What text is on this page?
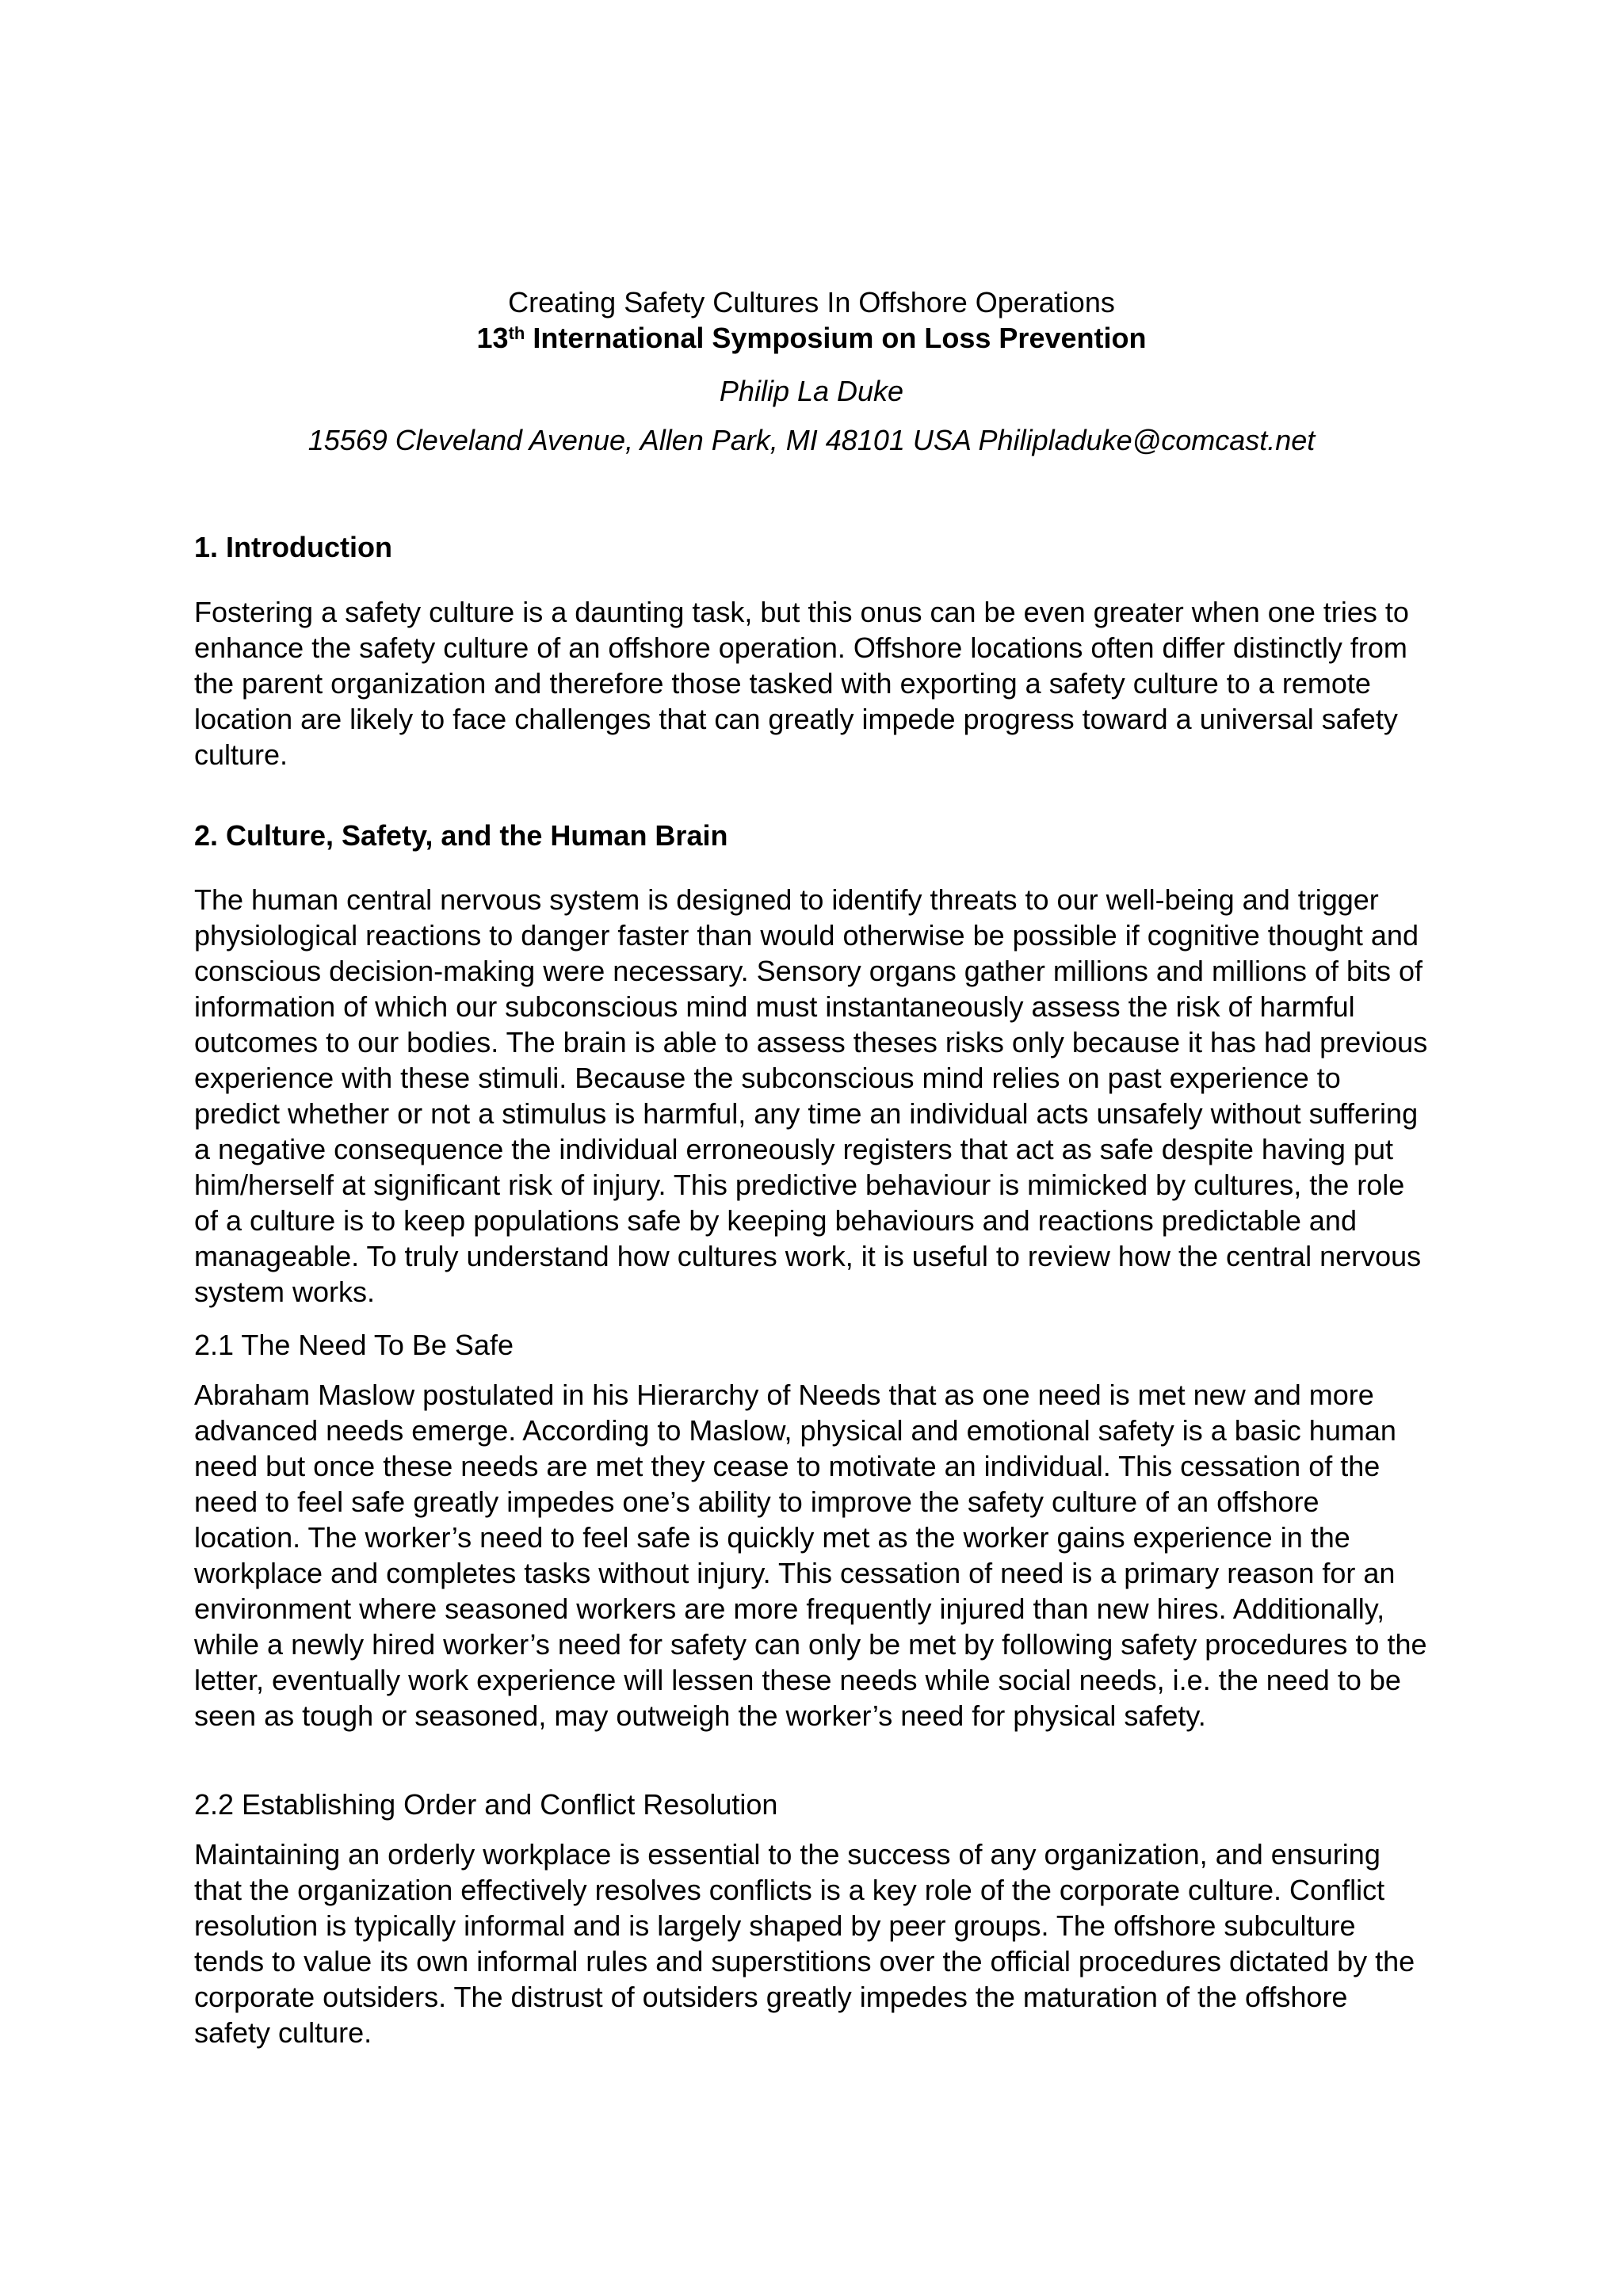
Creating Safety Cultures In Offshore Operations
13th International Symposium on Loss Prevention
Philip La Duke
15569 Cleveland Avenue, Allen Park, MI 48101 USA Philipladuke@comcast.net
1. Introduction

Fostering a safety culture is a daunting task, but this onus can be even greater when one tries to enhance the safety culture of an offshore operation. Offshore locations often differ distinctly from the parent organization and therefore those tasked with exporting a safety culture to a remote location are likely to face challenges that can greatly impede progress toward a universal safety culture.

2. Culture, Safety, and the Human Brain

The human central nervous system is designed to identify threats to our well-being and trigger physiological reactions to danger faster than would otherwise be possible if cognitive thought and conscious decision-making were necessary. Sensory organs gather millions and millions of bits of information of which our subconscious mind must instantaneously assess the risk of harmful outcomes to our bodies. The brain is able to assess theses risks only because it has had previous experience with these stimuli. Because the subconscious mind relies on past experience to predict whether or not a stimulus is harmful, any time an individual acts unsafely without suffering a negative consequence the individual erroneously registers that act as safe despite having put him/herself at significant risk of injury. This predictive behaviour is mimicked by cultures, the role of a culture is to keep populations safe by keeping behaviours and reactions predictable and manageable. To truly understand how cultures work, it is useful to review how the central nervous system works.

2.1 The Need To Be Safe

Abraham Maslow postulated in his Hierarchy of Needs that as one need is met new and more advanced needs emerge. According to Maslow, physical and emotional safety is a basic human need but once these needs are met they cease to motivate an individual. This cessation of the need to feel safe greatly impedes one’s ability to improve the safety culture of an offshore location. The worker’s need to feel safe is quickly met as the worker gains experience in the workplace and completes tasks without injury. This cessation of need is a primary reason for an environment where seasoned workers are more frequently injured than new hires. Additionally, while a newly hired worker’s need for safety can only be met by following safety procedures to the letter, eventually work experience will lessen these needs while social needs, i.e. the need to be seen as tough or seasoned, may outweigh the worker’s need for physical safety.

2.2 Establishing Order and Conflict Resolution

Maintaining an orderly workplace is essential to the success of any organization, and ensuring that the organization effectively resolves conflicts is a key role of the corporate culture. Conflict resolution is typically informal and is largely shaped by peer groups. The offshore subculture tends to value its own informal rules and superstitions over the official procedures dictated by the corporate outsiders. The distrust of outsiders greatly impedes the maturation of the offshore safety culture.
